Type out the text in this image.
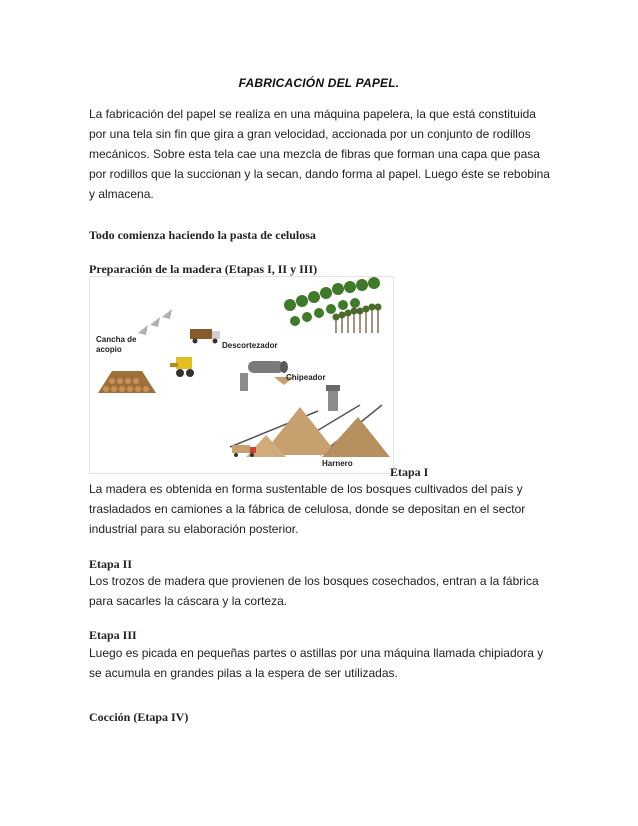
FABRICACIÓN DEL PAPEL.
La fabricación del papel se realiza en una máquina papelera, la que está constituida
por una tela sin fin que gira a gran velocidad, accionada por un conjunto de rodillos
mecánicos. Sobre esta tela cae una mezcla de fibras que forman una capa que pasa
por rodillos que la succionan y la secan, dando forma al papel. Luego éste se rebobina
y almacena.
Todo comienza haciendo la pasta de celulosa
Preparación de la madera (Etapas I, II y III)
Cancha de
acopio	Descortezador
Chipeador
Harnero
Etapa I
La madera es obtenida en forma sustentable de los bosques cultivados del país y
trasladados en camiones a la fábrica de celulosa, donde se depositan en el sector
industrial para su elaboración posterior.
Etapa II
Los trozos de madera que provienen de los bosques cosechados, entran a la fábrica
para sacarles la cáscara y la corteza.
Etapa III
Luego es picada en pequeñas partes o astillas por una máquina llamada chipiadora y
se acumula en grandes pilas a la espera de ser utilizadas.
Cocción (Etapa IV)
